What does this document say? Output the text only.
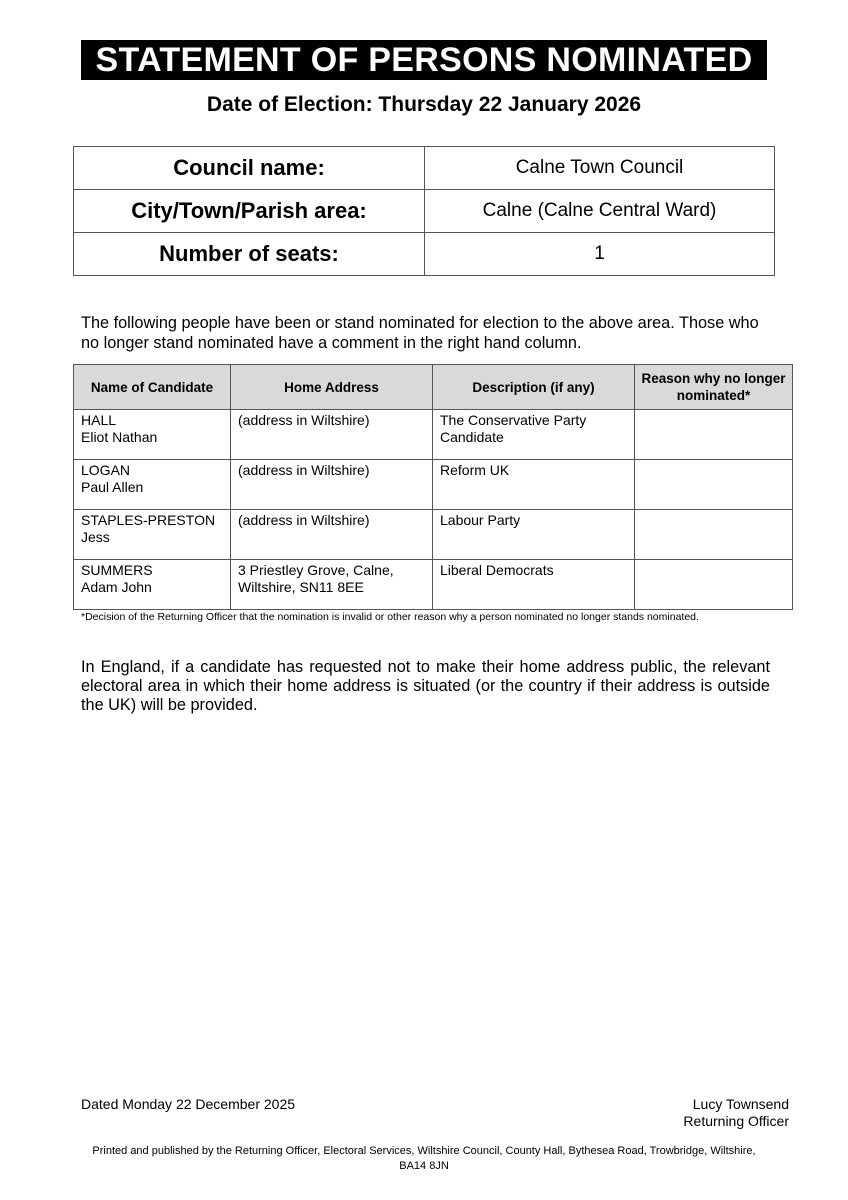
STATEMENT OF PERSONS NOMINATED
Date of Election: Thursday 22 January 2026
Council name:	Calne Town Council
City/Town/Parish area:	Calne (Calne Central Ward)
Number of seats:	1
The following people have been or stand nominated for election to the above area. Those who no longer stand nominated have a comment in the right hand column.
Name of Candidate	Home Address	Description (if any)	Reason why no longer nominated*

HALL
Eliot Nathan	(address in Wiltshire)	The Conservative Party
Candidate	

LOGAN
Paul Allen	(address in Wiltshire)	Reform UK	

STAPLES-PRESTON
Jess	(address in Wiltshire)	Labour Party	

SUMMERS
Adam John	3 Priestley Grove, Calne,
Wiltshire, SN11 8EE	Liberal Democrats	

*Decision of the Returning Officer that the nomination is invalid or other reason why a person nominated no longer stands nominated.
In England, if a candidate has requested not to make their home address public, the relevant electoral area in which their home address is situated (or the country if their address is outside the UK) will be provided.
Dated Monday 22 December 2025	Lucy Townsend
Returning Officer
Printed and published by the Returning Officer, Electoral Services, Wiltshire Council, County Hall, Bythesea Road, Trowbridge, Wiltshire,
BA14 8JN
